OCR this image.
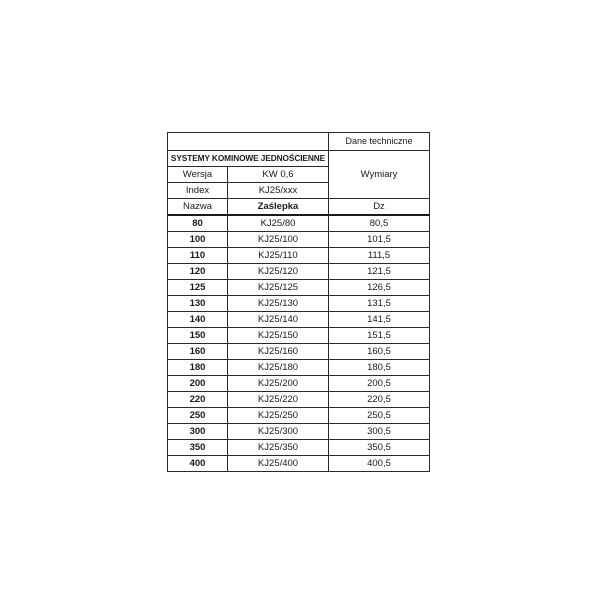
		Dane techniczne
SYSTEMY KOMINOWE JEDNOŚCIENNE		Wymiary
Wersja	KW 0,6	
Index	KJ25/xxx	
Nazwa	Zaślepka	Dz
80	KJ25/80	80,5
100	KJ25/100	101,5
110	KJ25/110	111,5
120	KJ25/120	121,5
125	KJ25/125	126,5
130	KJ25/130	131,5
140	KJ25/140	141,5
150	KJ25/150	151,5
160	KJ25/160	160,5
180	KJ25/180	180,5
200	KJ25/200	200,5
220	KJ25/220	220,5
250	KJ25/250	250,5
300	KJ25/300	300,5
350	KJ25/350	350,5
400	KJ25/400	400,5
